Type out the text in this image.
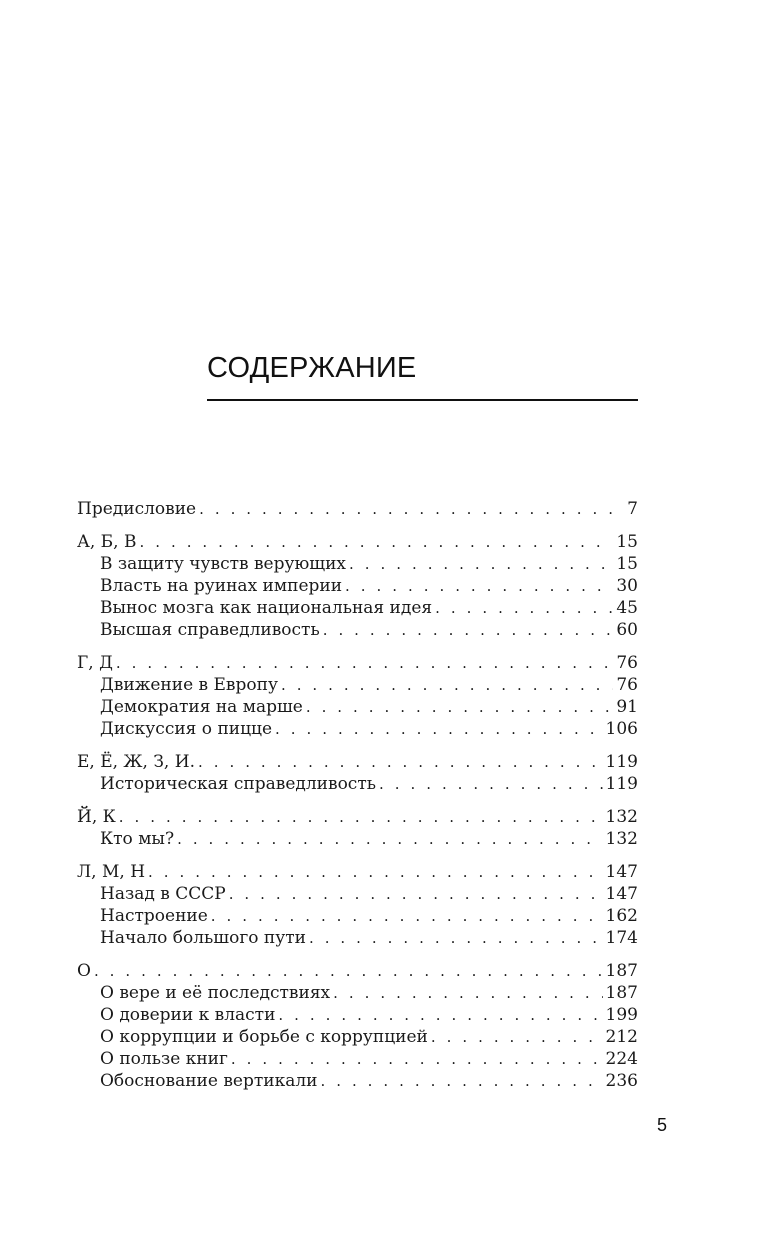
СОДЕРЖАНИЕ
Предисловие . . .	7
А, Б, В . . .	15
В защиту чувств верующих . . .	15
Власть на руинах империи . . .	30
Вынос мозга как национальная идея . . .	45
Высшая справедливость . . .	60
Г, Д . . .	76
Движение в Европу . . .	76
Демократия на марше . . .	91
Дискуссия о пицце . . .	106
Е, Ё, Ж, З, И. . . .	119
Историческая справедливость . . .	119
Й, К . . .	132
Кто мы? . . .	132
Л, М, Н . . .	147
Назад в СССР . . .	147
Настроение . . .	162
Начало большого пути . . .	174
О . . .	187
О вере и её последствиях . . .	187
О доверии к власти . . .	199
О коррупции и борьбе с коррупцией . . .	212
О пользе книг . . .	224
Обоснование вертикали . . .	236
5
